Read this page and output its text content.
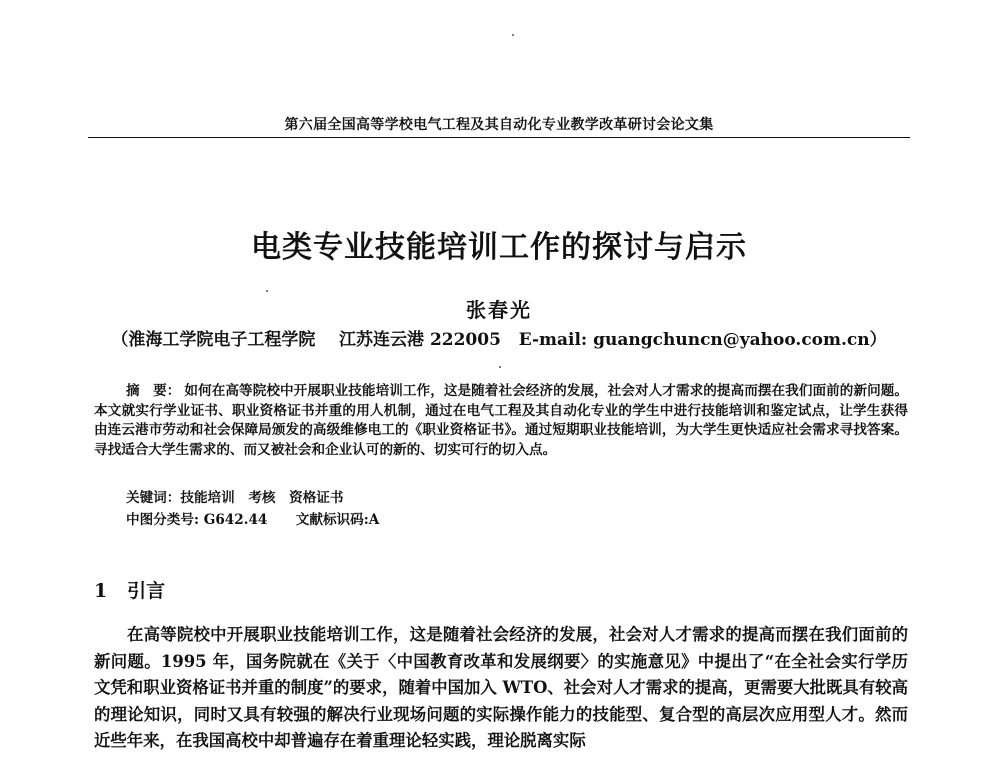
第六届全国高等学校电气工程及其自动化专业教学改革研讨会论文集
电类专业技能培训工作的探讨与启示
张春光
（淮海工学院电子工程学院 江苏连云港 222005 E-mail: guangchuncn@yahoo.com.cn）

摘　要： 如何在高等院校中开展职业技能培训工作，这是随着社会经济的发展，社会对人才需求的提高而摆在我们面前的新问题。本文就实行学业证书、职业资格证书并重的用人机制，通过在电气工程及其自动化专业的学生中进行技能培训和鉴定试点，让学生获得由连云港市劳动和社会保障局颁发的高级维修电工的《职业资格证书》。通过短期职业技能培训，为大学生更快适应社会需求寻找答案。寻找适合大学生需求的、而又被社会和企业认可的新的、切实可行的切入点。

关键词：技能培训　考核　资格证书
中图分类号: G642.44 文献标识码:A
1 引言

在高等院校中开展职业技能培训工作，这是随着社会经济的发展，社会对人才需求的提高而摆在我们面前的新问题。1995 年，国务院就在《关于〈中国教育改革和发展纲要〉的实施意见》中提出了“在全社会实行学历文凭和职业资格证书并重的制度”的要求，随着中国加入 WTO、社会对人才需求的提高，更需要大批既具有较高的理论知识，同时又具有较强的解决行业现场问题的实际操作能力的技能型、复合型的高层次应用型人才。然而近些年来，在我国高校中却普遍存在着重理论轻实践，理论脱离实际
